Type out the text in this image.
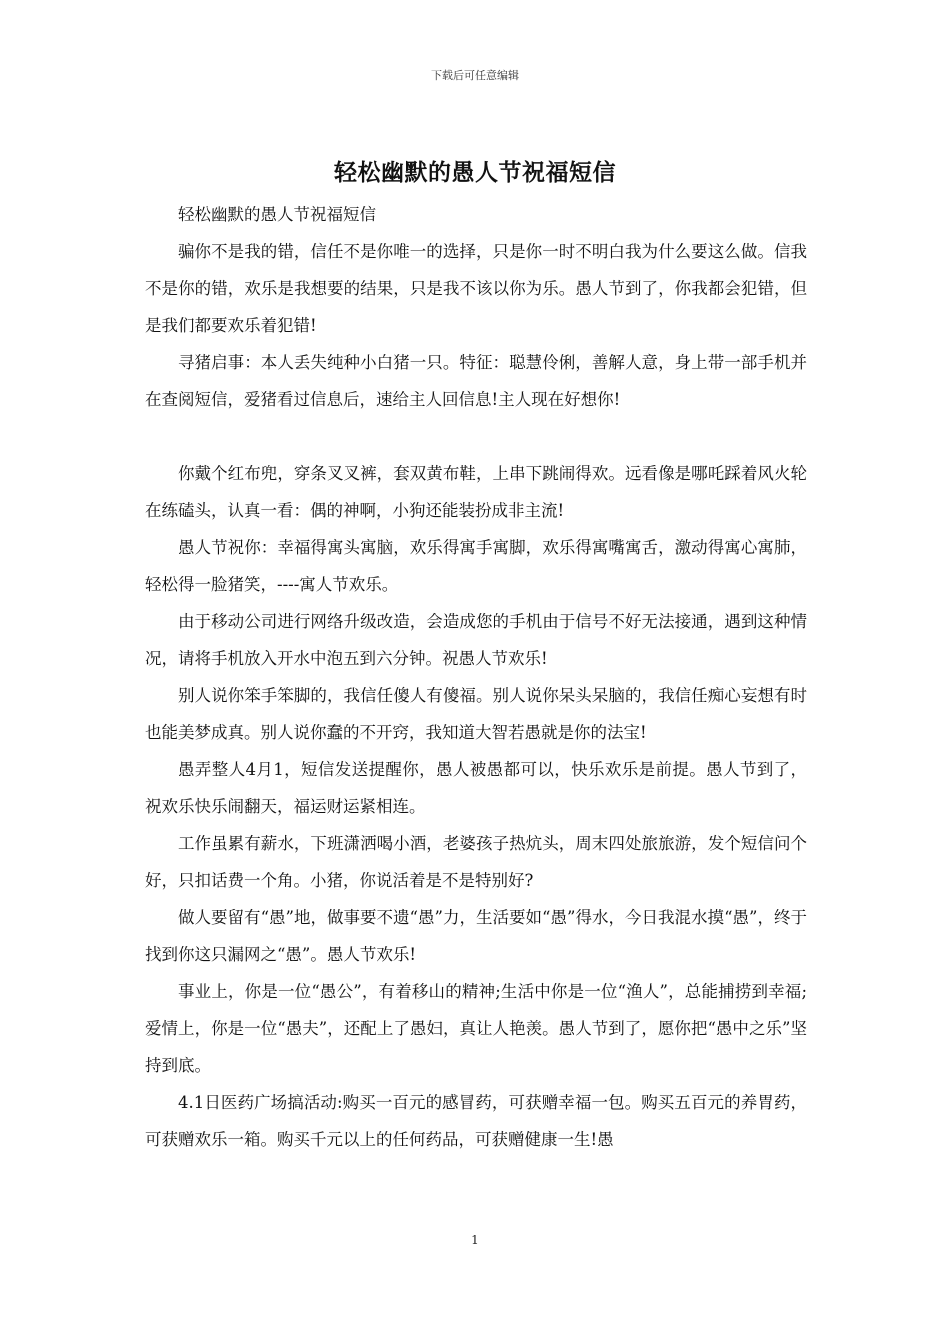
下载后可任意编辑
轻松幽默的愚人节祝福短信

轻松幽默的愚人节祝福短信

骗你不是我的错，信任不是你唯一的选择，只是你一时不明白我为什么要这么做。信我不是你的错，欢乐是我想要的结果，只是我不该以你为乐。愚人节到了，你我都会犯错，但是我们都要欢乐着犯错!

寻猪启事：本人丢失纯种小白猪一只。特征：聪慧伶俐，善解人意，身上带一部手机并在查阅短信，爱猪看过信息后，速给主人回信息!主人现在好想你!

你戴个红布兜，穿条叉叉裤，套双黄布鞋，上串下跳闹得欢。远看像是哪吒踩着风火轮在练磕头，认真一看：偶的神啊，小狗还能装扮成非主流!

愚人节祝你：幸福得寓头寓脑，欢乐得寓手寓脚，欢乐得寓嘴寓舌，激动得寓心寓肺，轻松得一脸猪笑，----寓人节欢乐。

由于移动公司进行网络升级改造，会造成您的手机由于信号不好无法接通，遇到这种情况，请将手机放入开水中泡五到六分钟。祝愚人节欢乐!

别人说你笨手笨脚的，我信任傻人有傻福。别人说你呆头呆脑的，我信任痴心妄想有时也能美梦成真。别人说你蠢的不开窍，我知道大智若愚就是你的法宝!

愚弄整人4月1，短信发送提醒你，愚人被愚都可以，快乐欢乐是前提。愚人节到了，祝欢乐快乐闹翻天，福运财运紧相连。

工作虽累有薪水，下班潇洒喝小酒，老婆孩子热炕头，周末四处旅旅游，发个短信问个好，只扣话费一个角。小猪，你说活着是不是特别好?

做人要留有“愚”地，做事要不遗“愚”力，生活要如“愚”得水，今日我混水摸“愚”，终于找到你这只漏网之“愚”。愚人节欢乐!

事业上，你是一位“愚公”，有着移山的精神;生活中你是一位“渔人”，总能捕捞到幸福;爱情上，你是一位“愚夫”，还配上了愚妇，真让人艳羡。愚人节到了，愿你把“愚中之乐”坚持到底。

4.1日医药广场搞活动:购买一百元的感冒药，可获赠幸福一包。购买五百元的养胃药，可获赠欢乐一箱。购买千元以上的任何药品，可获赠健康一生!愚

1
